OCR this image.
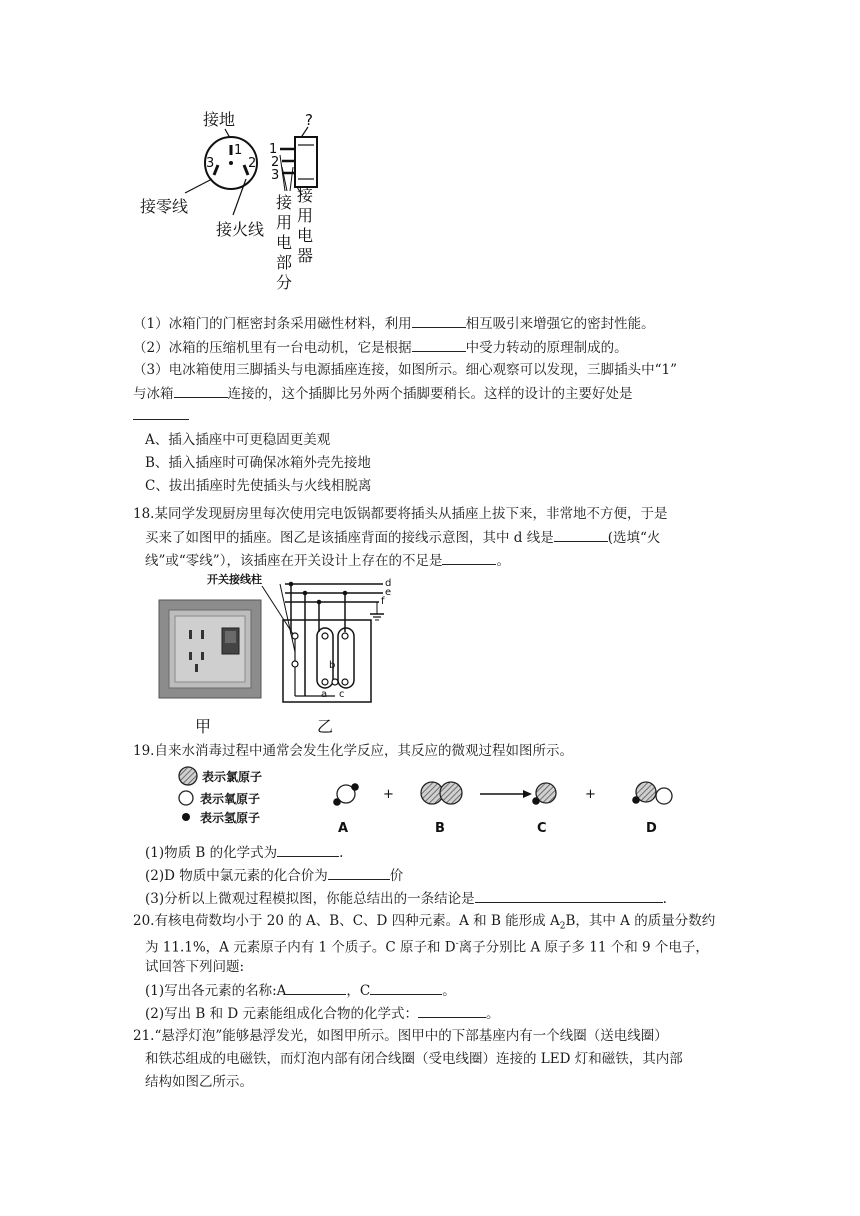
接地
1
3	2
接零线
接火线
?
1
2
3
接
用
电
部
分
接
用
电
器
（1）冰箱门的门框密封条采用磁性材料，利用	相互吸引来增强它的密封性能。
（2）冰箱的压缩机里有一台电动机，它是根据	中受力转动的原理制成的。
（3）电冰箱使用三脚插头与电源插座连接，如图所示。细心观察可以发现，三脚插头中“1”
与冰箱	连接的，这个插脚比另外两个插脚要稍长。这样的设计的主要好处是
A、插入插座中可更稳固更美观
B、插入插座时可确保冰箱外壳先接地
C、拔出插座时先使插头与火线相脱离
18.某同学发现厨房里每次使用完电饭锅都要将插头从插座上拔下来，非常地不方便，于是
买来了如图甲的插座。图乙是该插座背面的接线示意图，其中 d 线是	(选填“火
线”或“零线”），该插座在开关设计上存在的不足是	。
甲
开关接线柱	d
e
f
b
a c
乙
19.自来水消毒过程中通常会发生化学反应，其反应的微观过程如图所示。
表示氯原子
表示氧原子
表示氢原子
A
+
B	C
+
D
(1)物质 B 的化学式为	.
(2)D 物质中氯元素的化合价为	价
(3)分析以上微观过程模拟图，你能总结出的一条结论是	.
20.有核电荷数均小于 20 的 A、B、C、D 四种元素。A 和 B 能形成 $A_2B$，其中 A 的质量分数约
为 11.1%，A 元素原子内有 1 个质子。C 原子和 D-离子分别比 A 原子多 11 个和 9 个电子，
试回答下列问题:
(1)写出各元素的名称:A	，C	。
(2)写出 B 和 D 元素能组成化合物的化学式：	。
21.“悬浮灯泡”能够悬浮发光，如图甲所示。图甲中的下部基座内有一个线圈（送电线圈）
和铁芯组成的电磁铁，而灯泡内部有闭合线圈（受电线圈）连接的 LED 灯和磁铁，其内部
结构如图乙所示。
